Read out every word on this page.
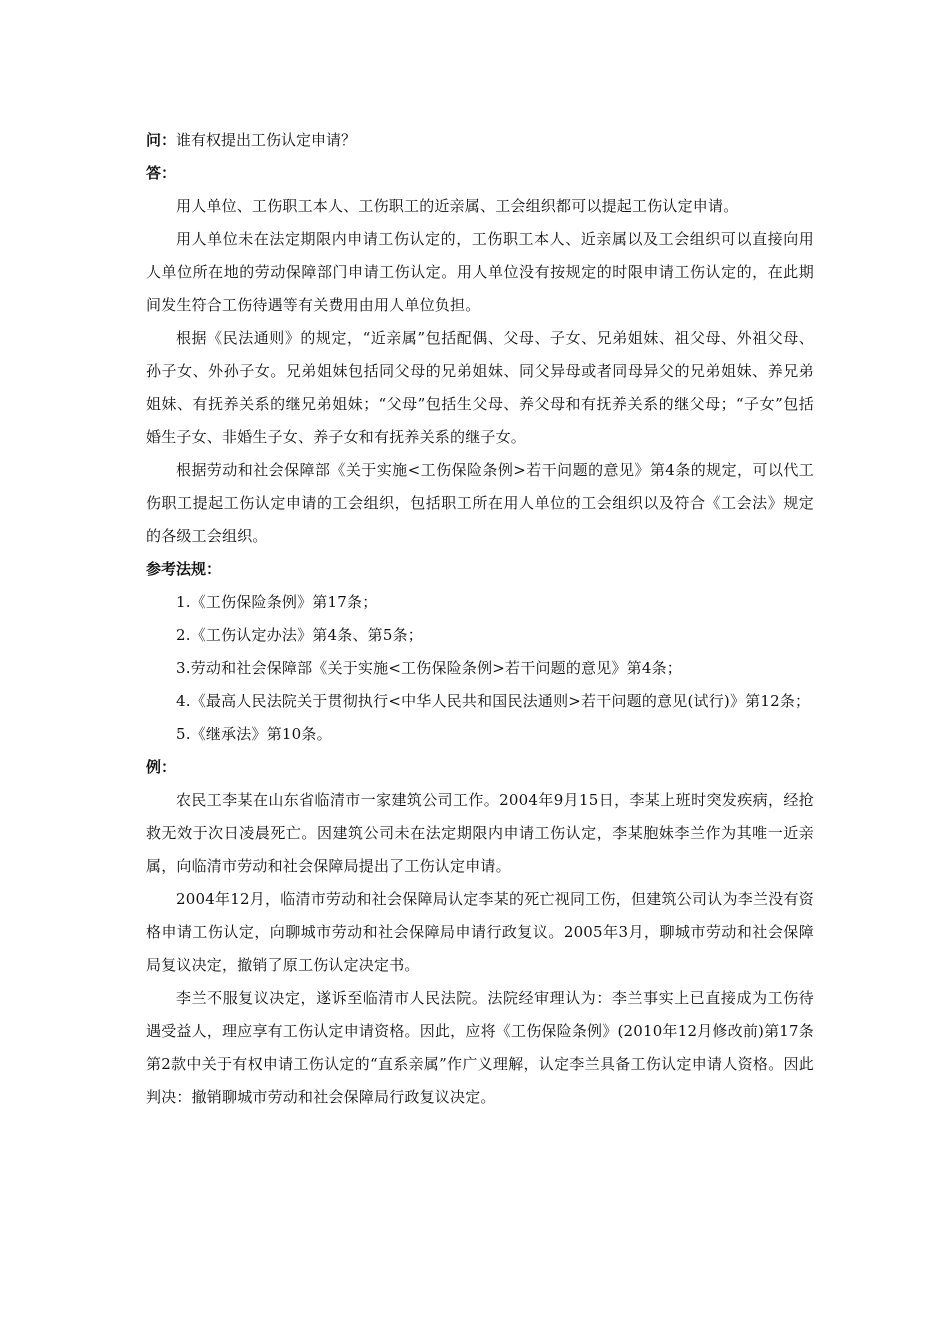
问：谁有权提出工伤认定申请？

答：

用人单位、工伤职工本人、工伤职工的近亲属、工会组织都可以提起工伤认定申请。

用人单位未在法定期限内申请工伤认定的，工伤职工本人、近亲属以及工会组织可以直接向用人单位所在地的劳动保障部门申请工伤认定。用人单位没有按规定的时限申请工伤认定的，在此期间发生符合工伤待遇等有关费用由用人单位负担。

根据《民法通则》的规定，“近亲属”包括配偶、父母、子女、兄弟姐妹、祖父母、外祖父母、孙子女、外孙子女。兄弟姐妹包括同父母的兄弟姐妹、同父异母或者同母异父的兄弟姐妹、养兄弟姐妹、有抚养关系的继兄弟姐妹；“父母”包括生父母、养父母和有抚养关系的继父母；“子女”包括婚生子女、非婚生子女、养子女和有抚养关系的继子女。

根据劳动和社会保障部《关于实施<工伤保险条例>若干问题的意见》第4条的规定，可以代工伤职工提起工伤认定申请的工会组织，包括职工所在用人单位的工会组织以及符合《工会法》规定的各级工会组织。

参考法规：

1.《工伤保险条例》第17条；

2.《工伤认定办法》第4条、第5条；

3.劳动和社会保障部《关于实施<工伤保险条例>若干问题的意见》第4条；

4.《最高人民法院关于贯彻执行<中华人民共和国民法通则>若干问题的意见(试行)》第12条；

5.《继承法》第10条。

例：

农民工李某在山东省临清市一家建筑公司工作。2004年9月15日，李某上班时突发疾病，经抢救无效于次日凌晨死亡。因建筑公司未在法定期限内申请工伤认定，李某胞妹李兰作为其唯一近亲属，向临清市劳动和社会保障局提出了工伤认定申请。

2004年12月，临清市劳动和社会保障局认定李某的死亡视同工伤，但建筑公司认为李兰没有资格申请工伤认定，向聊城市劳动和社会保障局申请行政复议。2005年3月，聊城市劳动和社会保障局复议决定，撤销了原工伤认定决定书。

李兰不服复议决定，遂诉至临清市人民法院。法院经审理认为：李兰事实上已直接成为工伤待遇受益人，理应享有工伤认定申请资格。因此，应将《工伤保险条例》(2010年12月修改前)第17条第2款中关于有权申请工伤认定的“直系亲属”作广义理解，认定李兰具备工伤认定申请人资格。因此判决：撤销聊城市劳动和社会保障局行政复议决定。
